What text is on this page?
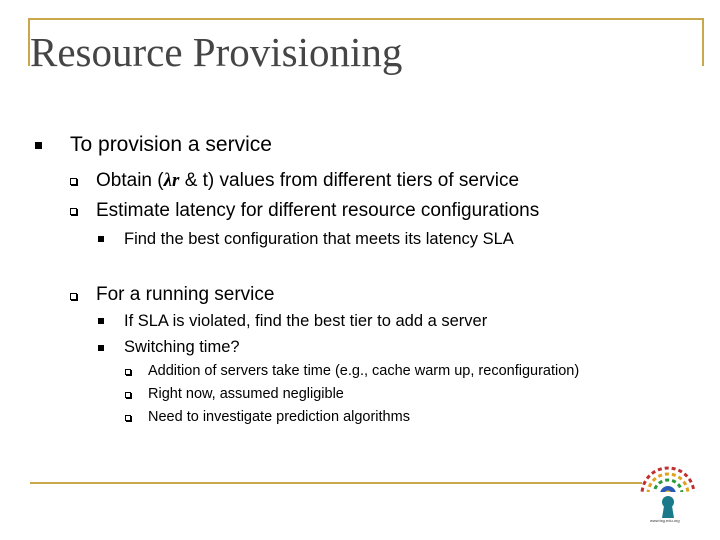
Resource Provisioning
To provision a service
Obtain (λr & t) values from different tiers of service
Estimate latency for different resource configurations
Find the best configuration that meets its latency SLA
For a running service
If SLA is violated, find the best tier to add a server
Switching time?
Addition of servers take time (e.g., cache warm up, reconfiguration)
Right now, assumed negligible
Need to investigate prediction algorithms
www.tsg.edu.org
